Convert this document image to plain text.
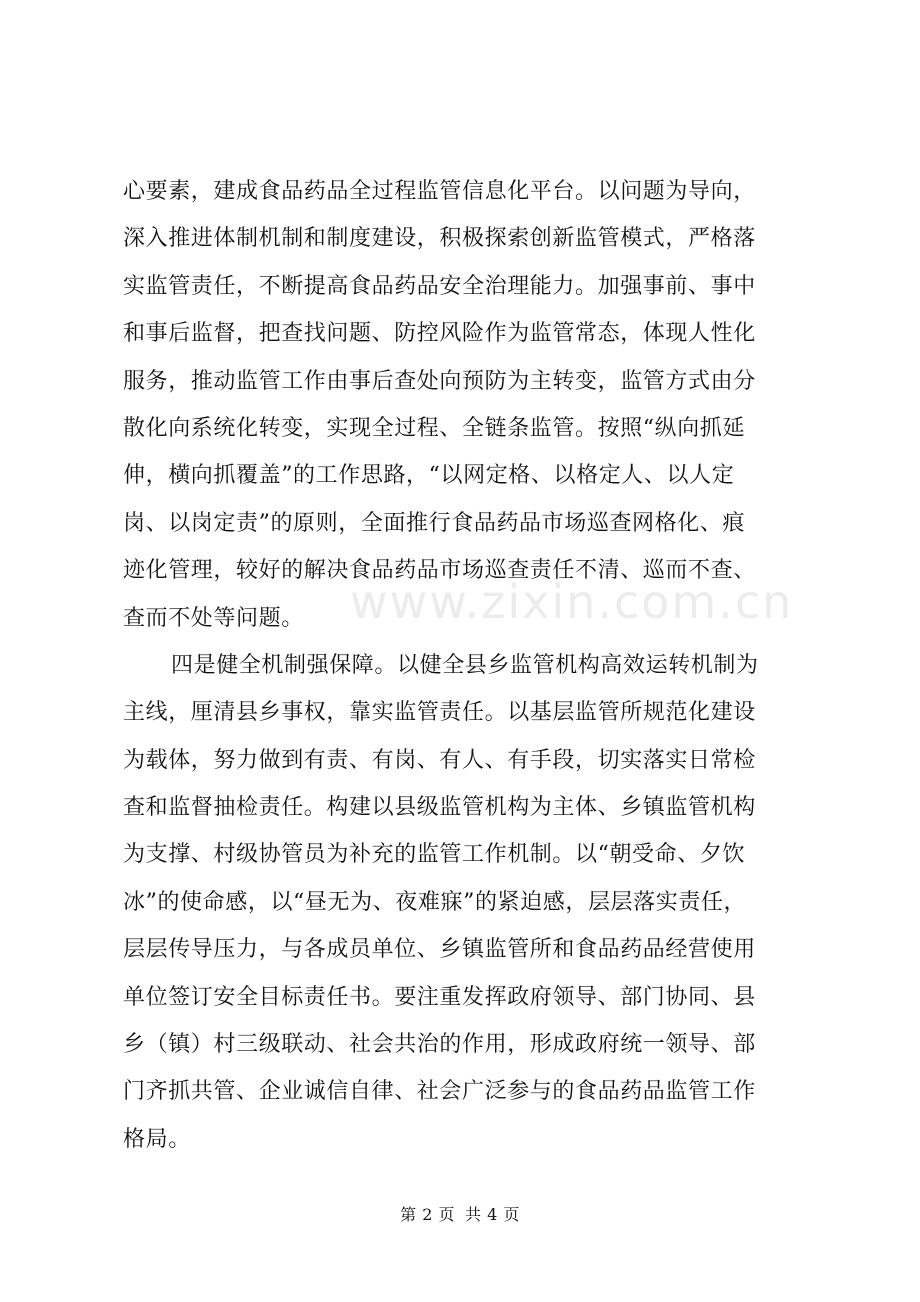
www.zixin.com.cn
心要素，建成食品药品全过程监管信息化平台。以问题为导向，
深入推进体制机制和制度建设，积极探索创新监管模式，严格落
实监管责任，不断提高食品药品安全治理能力。加强事前、事中
和事后监督，把查找问题、防控风险作为监管常态，体现人性化
服务，推动监管工作由事后查处向预防为主转变，监管方式由分
散化向系统化转变，实现全过程、全链条监管。按照“纵向抓延
伸，横向抓覆盖”的工作思路，“以网定格、以格定人、以人定
岗、以岗定责”的原则，全面推行食品药品市场巡查网格化、痕
迹化管理，较好的解决食品药品市场巡查责任不清、巡而不查、
查而不处等问题。
四是健全机制强保障。以健全县乡监管机构高效运转机制为
主线，厘清县乡事权，靠实监管责任。以基层监管所规范化建设
为载体，努力做到有责、有岗、有人、有手段，切实落实日常检
查和监督抽检责任。构建以县级监管机构为主体、乡镇监管机构
为支撑、村级协管员为补充的监管工作机制。以“朝受命、夕饮
冰”的使命感，以“昼无为、夜难寐”的紧迫感，层层落实责任，
层层传导压力，与各成员单位、乡镇监管所和食品药品经营使用
单位签订安全目标责任书。要注重发挥政府领导、部门协同、县
乡（镇）村三级联动、社会共治的作用，形成政府统一领导、部
门齐抓共管、企业诚信自律、社会广泛参与的食品药品监管工作
格局。
第 2 页 共 4 页
